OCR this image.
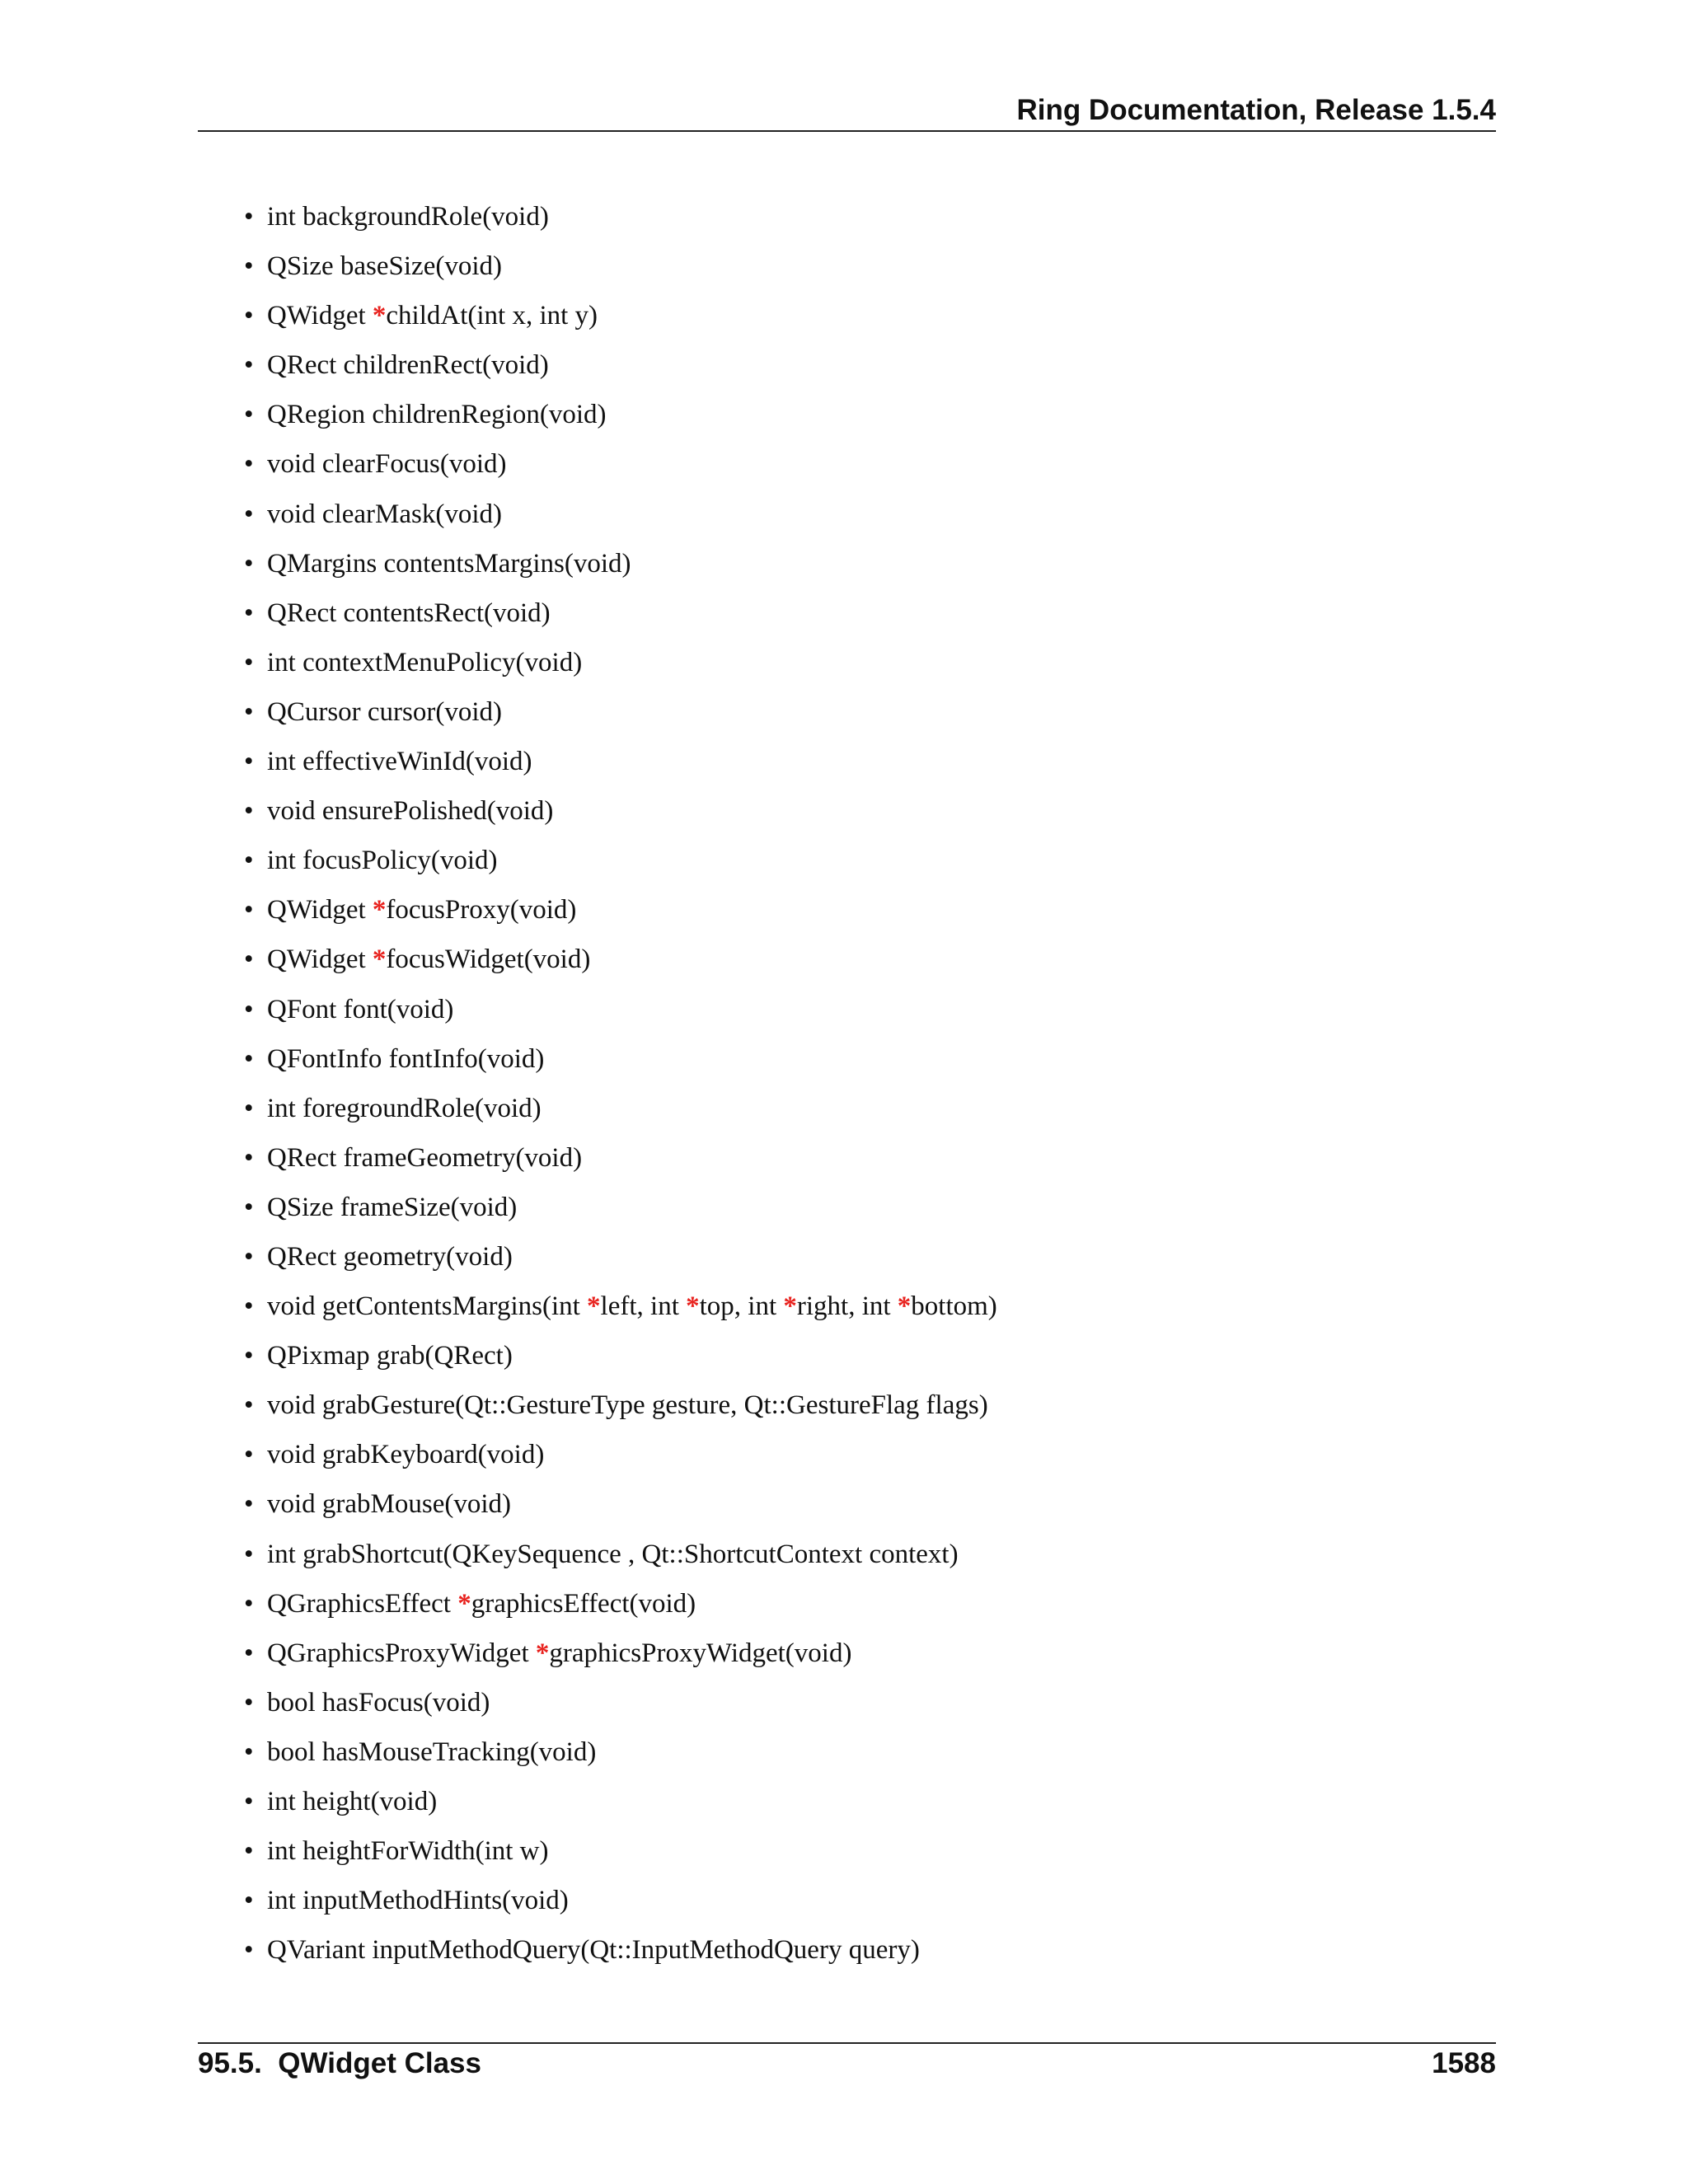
Ring Documentation, Release 1.5.4
• int backgroundRole(void)
• QSize baseSize(void)
• QWidget *childAt(int x, int y)
• QRect childrenRect(void)
• QRegion childrenRegion(void)
• void clearFocus(void)
• void clearMask(void)
• QMargins contentsMargins(void)
• QRect contentsRect(void)
• int contextMenuPolicy(void)
• QCursor cursor(void)
• int effectiveWinId(void)
• void ensurePolished(void)
• int focusPolicy(void)
• QWidget *focusProxy(void)
• QWidget *focusWidget(void)
• QFont font(void)
• QFontInfo fontInfo(void)
• int foregroundRole(void)
• QRect frameGeometry(void)
• QSize frameSize(void)
• QRect geometry(void)
• void getContentsMargins(int *left, int *top, int *right, int *bottom)
• QPixmap grab(QRect)
• void grabGesture(Qt::GestureType gesture, Qt::GestureFlag flags)
• void grabKeyboard(void)
• void grabMouse(void)
• int grabShortcut(QKeySequence , Qt::ShortcutContext context)
• QGraphicsEffect *graphicsEffect(void)
• QGraphicsProxyWidget *graphicsProxyWidget(void)
• bool hasFocus(void)
• bool hasMouseTracking(void)
• int height(void)
• int heightForWidth(int w)
• int inputMethodHints(void)
• QVariant inputMethodQuery(Qt::InputMethodQuery query)
95.5.  QWidget Class	1588
